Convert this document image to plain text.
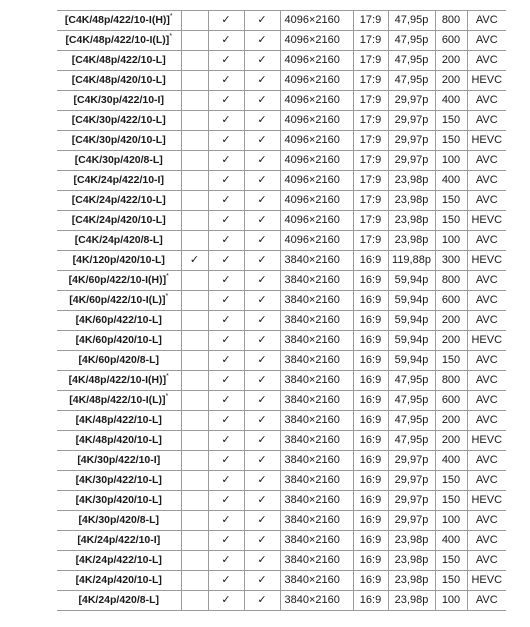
[C4K/48p/422/10-I(H)]*		✓	✓	4096×2160	17:9	47,95p	800	AVC
[C4K/48p/422/10-I(L)]*		✓	✓	4096×2160	17:9	47,95p	600	AVC
[C4K/48p/422/10-L]		✓	✓	4096×2160	17:9	47,95p	200	AVC
[C4K/48p/420/10-L]		✓	✓	4096×2160	17:9	47,95p	200	HEVC
[C4K/30p/422/10-I]		✓	✓	4096×2160	17:9	29,97p	400	AVC
[C4K/30p/422/10-L]		✓	✓	4096×2160	17:9	29,97p	150	AVC
[C4K/30p/420/10-L]		✓	✓	4096×2160	17:9	29,97p	150	HEVC
[C4K/30p/420/8-L]		✓	✓	4096×2160	17:9	29,97p	100	AVC
[C4K/24p/422/10-I]		✓	✓	4096×2160	17:9	23,98p	400	AVC
[C4K/24p/422/10-L]		✓	✓	4096×2160	17:9	23,98p	150	AVC
[C4K/24p/420/10-L]		✓	✓	4096×2160	17:9	23,98p	150	HEVC
[C4K/24p/420/8-L]		✓	✓	4096×2160	17:9	23,98p	100	AVC
[4K/120p/420/10-L]	✓	✓	✓	3840×2160	16:9	119,88p	300	HEVC
[4K/60p/422/10-I(H)]*		✓	✓	3840×2160	16:9	59,94p	800	AVC
[4K/60p/422/10-I(L)]*		✓	✓	3840×2160	16:9	59,94p	600	AVC
[4K/60p/422/10-L]		✓	✓	3840×2160	16:9	59,94p	200	AVC
[4K/60p/420/10-L]		✓	✓	3840×2160	16:9	59,94p	200	HEVC
[4K/60p/420/8-L]		✓	✓	3840×2160	16:9	59,94p	150	AVC
[4K/48p/422/10-I(H)]*		✓	✓	3840×2160	16:9	47,95p	800	AVC
[4K/48p/422/10-I(L)]*		✓	✓	3840×2160	16:9	47,95p	600	AVC
[4K/48p/422/10-L]		✓	✓	3840×2160	16:9	47,95p	200	AVC
[4K/48p/420/10-L]		✓	✓	3840×2160	16:9	47,95p	200	HEVC
[4K/30p/422/10-I]		✓	✓	3840×2160	16:9	29,97p	400	AVC
[4K/30p/422/10-L]		✓	✓	3840×2160	16:9	29,97p	150	AVC
[4K/30p/420/10-L]		✓	✓	3840×2160	16:9	29,97p	150	HEVC
[4K/30p/420/8-L]		✓	✓	3840×2160	16:9	29,97p	100	AVC
[4K/24p/422/10-I]		✓	✓	3840×2160	16:9	23,98p	400	AVC
[4K/24p/422/10-L]		✓	✓	3840×2160	16:9	23,98p	150	AVC
[4K/24p/420/10-L]		✓	✓	3840×2160	16:9	23,98p	150	HEVC
[4K/24p/420/8-L]		✓	✓	3840×2160	16:9	23,98p	100	AVC
